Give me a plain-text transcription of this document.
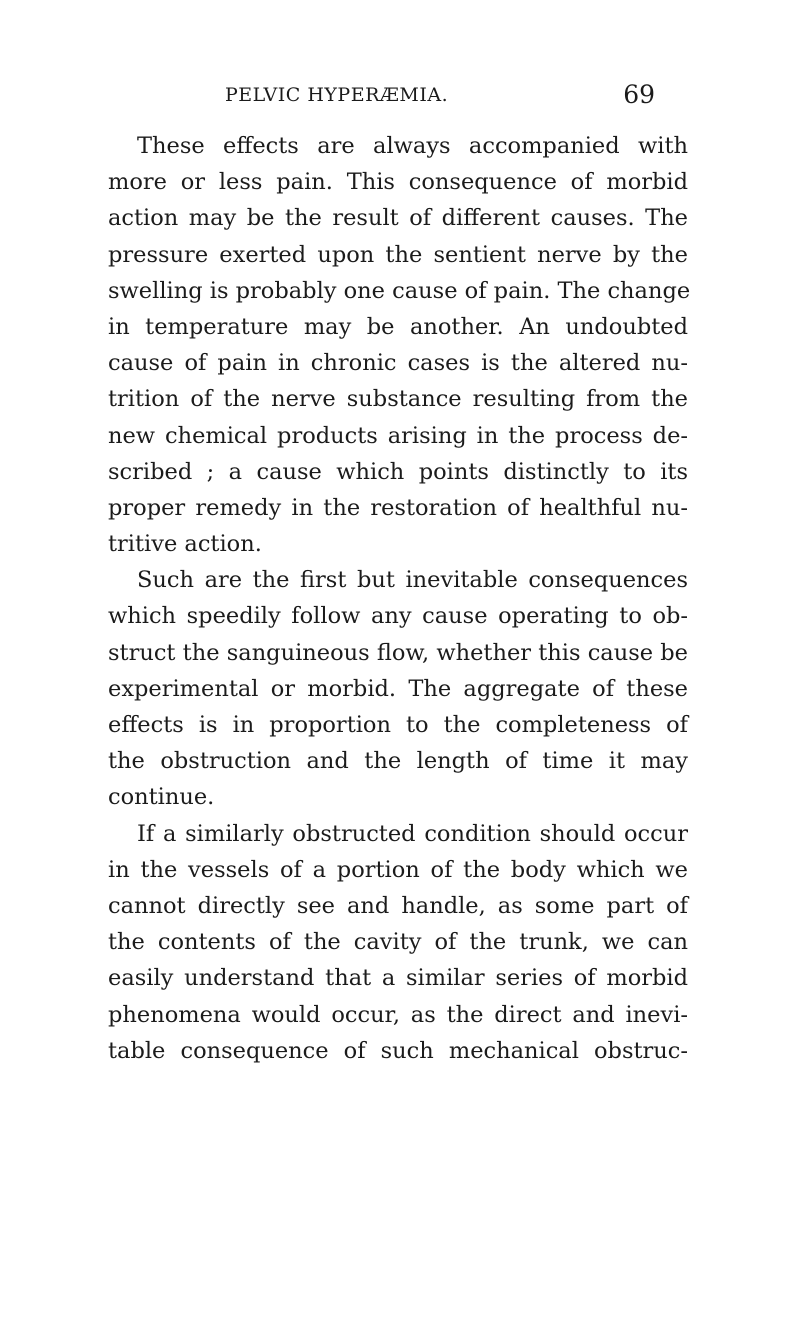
PELVIC HYPERÆMIA.	69
These effects are always accompanied with
more or less pain. This consequence of morbid
action may be the result of different causes. The
pressure exerted upon the sentient nerve by the
swelling is probably one cause of pain. The change
in temperature may be another. An undoubted
cause of pain in chronic cases is the altered nu-
trition of the nerve substance resulting from the
new chemical products arising in the process de-
scribed ; a cause which points distinctly to its
proper remedy in the restoration of healthful nu-
tritive action.
Such are the first but inevitable consequences
which speedily follow any cause operating to ob-
struct the sanguineous flow, whether this cause be
experimental or morbid. The aggregate of these
effects is in proportion to the completeness of
the obstruction and the length of time it may
continue.
If a similarly obstructed condition should occur
in the vessels of a portion of the body which we
cannot directly see and handle, as some part of
the contents of the cavity of the trunk, we can
easily understand that a similar series of morbid
phenomena would occur, as the direct and inevi-
table consequence of such mechanical obstruc-
